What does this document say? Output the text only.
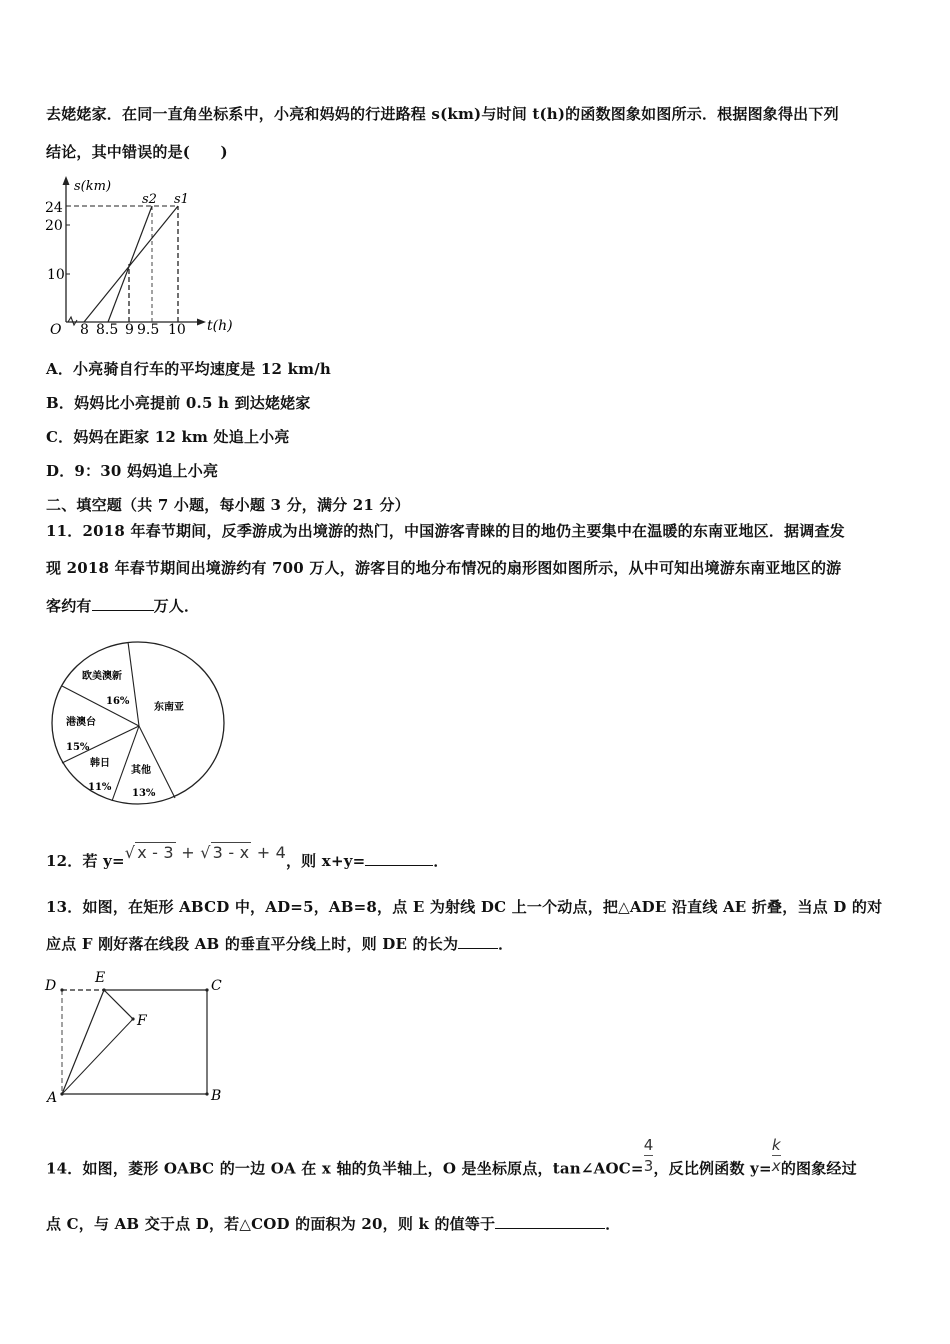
去姥姥家．在同一直角坐标系中，小亮和妈妈的行进路程 s(km)与时间 t(h)的函数图象如图所示．根据图象得出下列
结论，其中错误的是(　　)
24
20
10
s(km)
s2 s1
O 8 8.5 9 9.5 10 t(h)
A．小亮骑自行车的平均速度是 12 km/h
B．妈妈比小亮提前 0.5 h 到达姥姥家
C．妈妈在距家 12 km 处追上小亮
D．9：30 妈妈追上小亮
二、填空题（共 7 小题，每小题 3 分，满分 21 分）
11．2018 年春节期间，反季游成为出境游的热门，中国游客青睐的目的地仍主要集中在温暖的东南亚地区．据调查发
现 2018 年春节期间出境游约有 700 万人，游客目的地分布情况的扇形图如图所示，从中可知出境游东南亚地区的游
客约有	万人．
欧美澳新
16%
东南亚
港澳台
15%
韩日
11%
其他
13%
12．若 y=√ x - 3 + √ 3 - x + 4，则 x+y=	．
13．如图，在矩形 ABCD 中，AD=5，AB=8，点 E 为射线 DC 上一个动点，把△ADE 沿直线 AE 折叠，当点 D 的对
应点 F 刚好落在线段 AB 的垂直平分线上时，则 DE 的长为	．
D	E	C
F
A	B
14．如图，菱形 OABC 的一边 OA 在 x 轴的负半轴上，O 是坐标原点，tan∠AOC= $\frac{4}{3}$ ，反比例函数 $y= \frac{k}{x}$ 的图象经过
点 C，与 AB 交于点 D，若△COD 的面积为 20，则 k 的值等于	．
